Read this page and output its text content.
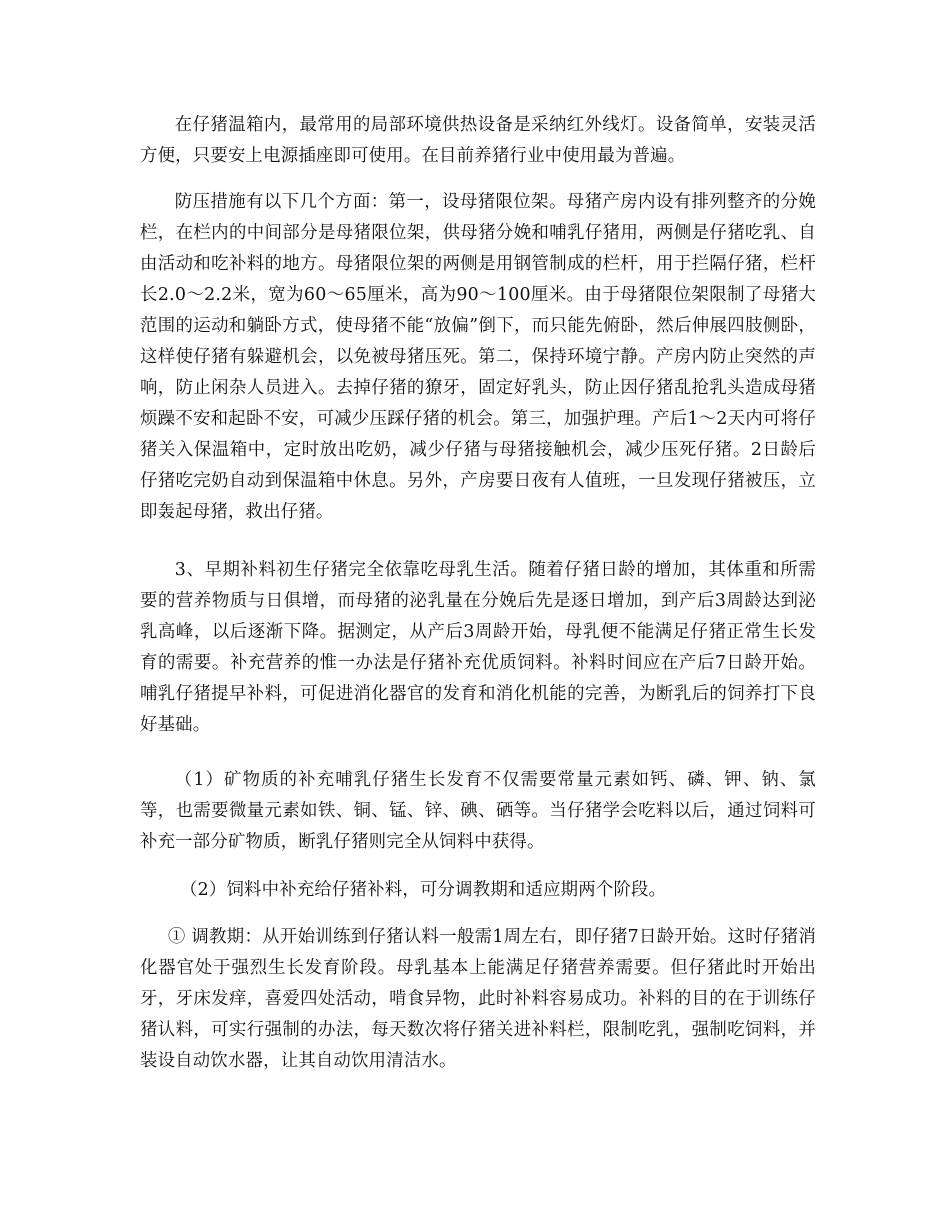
在仔猪温箱内，最常用的局部环境供热设备是采纳红外线灯。设备简单，安装灵活方便，只要安上电源插座即可使用。在目前养猪行业中使用最为普遍。

防压措施有以下几个方面：第一，设母猪限位架。母猪产房内设有排列整齐的分娩栏，在栏内的中间部分是母猪限位架，供母猪分娩和哺乳仔猪用，两侧是仔猪吃乳、自由活动和吃补料的地方。母猪限位架的两侧是用钢管制成的栏杆，用于拦隔仔猪，栏杆长2.0～2.2米，宽为60～65厘米，高为90～100厘米。由于母猪限位架限制了母猪大范围的运动和躺卧方式，使母猪不能“放偏”倒下，而只能先俯卧，然后伸展四肢侧卧，这样使仔猪有躲避机会，以免被母猪压死。第二，保持环境宁静。产房内防止突然的声响，防止闲杂人员进入。去掉仔猪的獠牙，固定好乳头，防止因仔猪乱抢乳头造成母猪烦躁不安和起卧不安，可减少压踩仔猪的机会。第三，加强护理。产后1～2天内可将仔猪关入保温箱中，定时放出吃奶，减少仔猪与母猪接触机会，减少压死仔猪。2日龄后仔猪吃完奶自动到保温箱中休息。另外，产房要日夜有人值班，一旦发现仔猪被压，立即轰起母猪，救出仔猪。

3、早期补料初生仔猪完全依靠吃母乳生活。随着仔猪日龄的增加，其体重和所需要的营养物质与日俱增，而母猪的泌乳量在分娩后先是逐日增加，到产后3周龄达到泌乳高峰，以后逐渐下降。据测定，从产后3周龄开始，母乳便不能满足仔猪正常生长发育的需要。补充营养的惟一办法是仔猪补充优质饲料。补料时间应在产后7日龄开始。哺乳仔猪提早补料，可促进消化器官的发育和消化机能的完善，为断乳后的饲养打下良好基础。

（1）矿物质的补充哺乳仔猪生长发育不仅需要常量元素如钙、磷、钾、钠、氯等，也需要微量元素如铁、铜、锰、锌、碘、硒等。当仔猪学会吃料以后，通过饲料可补充一部分矿物质，断乳仔猪则完全从饲料中获得。

（2）饲料中补充给仔猪补料，可分调教期和适应期两个阶段。

① 调教期：从开始训练到仔猪认料一般需1周左右，即仔猪7日龄开始。这时仔猪消化器官处于强烈生长发育阶段。母乳基本上能满足仔猪营养需要。但仔猪此时开始出牙，牙床发痒，喜爱四处活动，啃食异物，此时补料容易成功。补料的目的在于训练仔猪认料，可实行强制的办法，每天数次将仔猪关进补料栏，限制吃乳，强制吃饲料，并装设自动饮水器，让其自动饮用清洁水。
